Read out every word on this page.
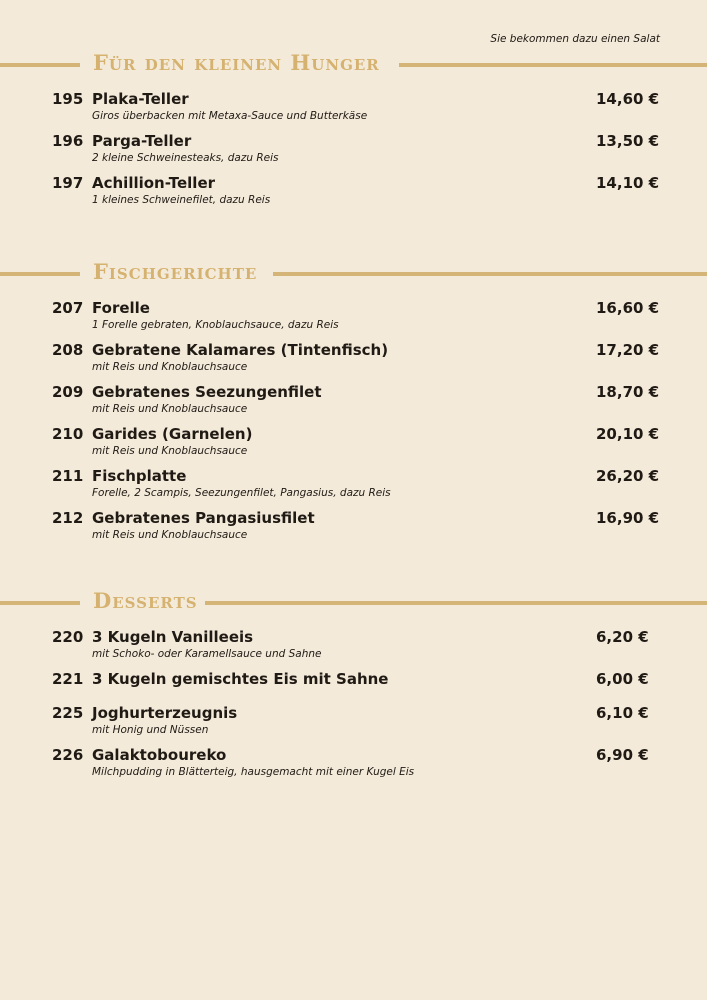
Für den kleinen Hunger
Sie bekommen dazu einen Salat
195 Plaka-Teller
Giros überbacken mit Metaxa-Sauce und Butterkäse
14,60 €
196 Parga-Teller
2 kleine Schweinesteaks, dazu Reis
13,50 €
197 Achillion-Teller
1 kleines Schweinefilet, dazu Reis
14,10 €
Fischgerichte
207 Forelle
1 Forelle gebraten, Knoblauchsauce, dazu Reis
16,60 €
208 Gebratene Kalamares (Tintenfisch)
mit Reis und Knoblauchsauce
17,20 €
209 Gebratenes Seezungenfilet
mit Reis und Knoblauchsauce
18,70 €
210 Garides (Garnelen)
mit Reis und Knoblauchsauce
20,10 €
211 Fischplatte
Forelle, 2 Scampis, Seezungenfilet, Pangasius, dazu Reis
26,20 €
212 Gebratenes Pangasiusfilet
mit Reis und Knoblauchsauce
16,90 €
Desserts
220 3 Kugeln Vanilleeis
mit Schoko- oder Karamellsauce und Sahne
6,20 €
221 3 Kugeln gemischtes Eis mit Sahne	6,00 €
225 Joghurterzeugnis
mit Honig und Nüssen
6,10 €
226 Galaktoboureko
Milchpudding in Blätterteig, hausgemacht mit einer Kugel Eis
6,90 €
